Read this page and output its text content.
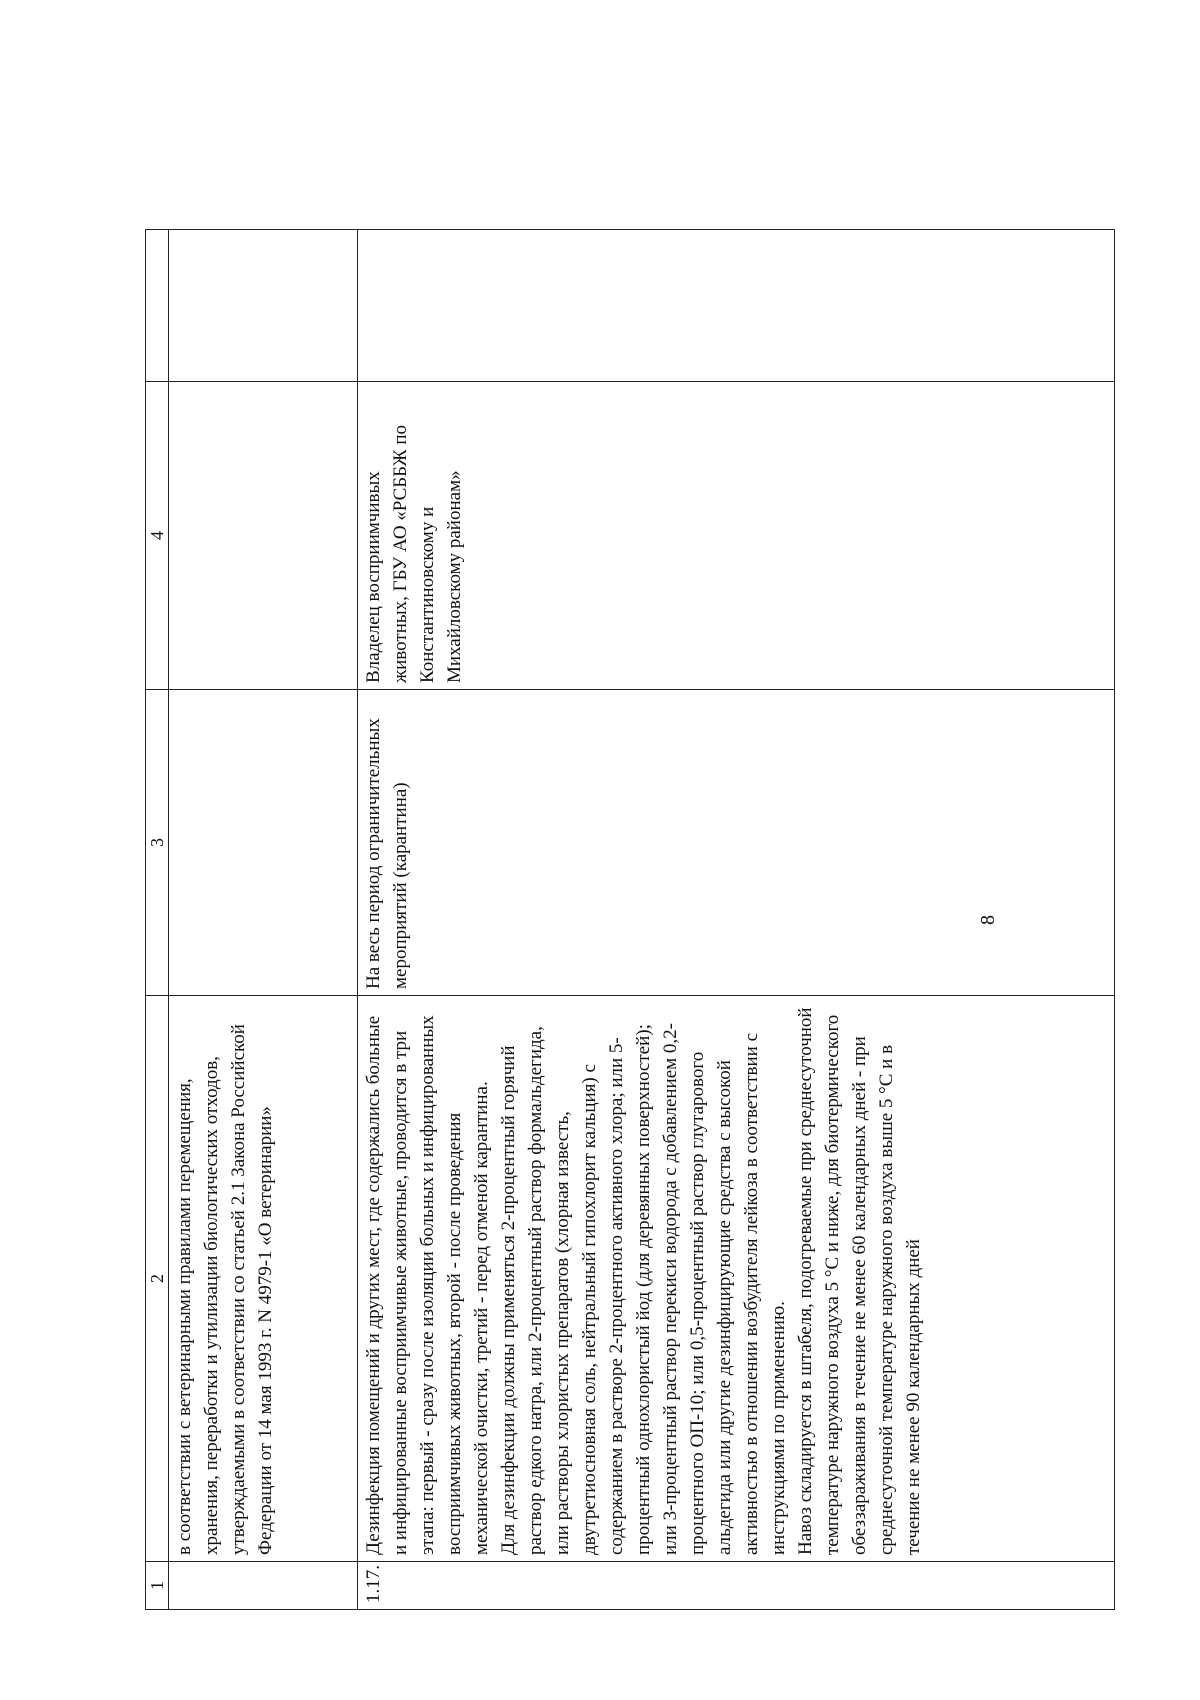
1	2	3	4	
	в соответствии с ветеринарными правилами перемещения, хранения, переработки и утилизации биологических отходов, утверждаемыми в соответствии со статьей 2.1 Закона Российской Федерации от 14 мая 1993 г. N 4979-1 «О ветеринарии»			
1.17.	Дезинфекция помещений и других мест, где содержались больные и инфицированные восприимчивые животные, проводится в три этапа: первый - сразу после изоляции больных и инфицированных восприимчивых животных, второй - после проведения механической очистки, третий - перед отменой карантина.
Для дезинфекции должны применяться 2-процентный горячий раствор едкого натра, или 2-процентный раствор формальдегида, или растворы хлористых препаратов (хлорная известь, двутретиосновная соль, нейтральный гипохлорит кальция) с содержанием в растворе 2-процентного активного хлора; или 5-процентный однохлористый йод (для деревянных поверхностей); или 3-процентный раствор перекиси водорода с добавлением 0,2-процентного ОП-10; или 0,5-процентный раствор глутарового альдегида или другие дезинфицирующие средства с высокой активностью в отношении возбудителя лейкоза в соответствии с инструкциями по применению.
Навоз складируется в штабеля, подогреваемые при среднесуточной температуре наружного воздуха 5 °С и ниже, для биотермического обеззараживания в течение не менее 60 календарных дней - при среднесуточной температуре наружного воздуха выше 5 °С и в течение не менее 90 календарных дней	На весь период ограничительных мероприятий (карантина)	Владелец восприимчивых животных, ГБУ АО «РСББЖ по Константиновскому и Михайловскому районам»	
8
